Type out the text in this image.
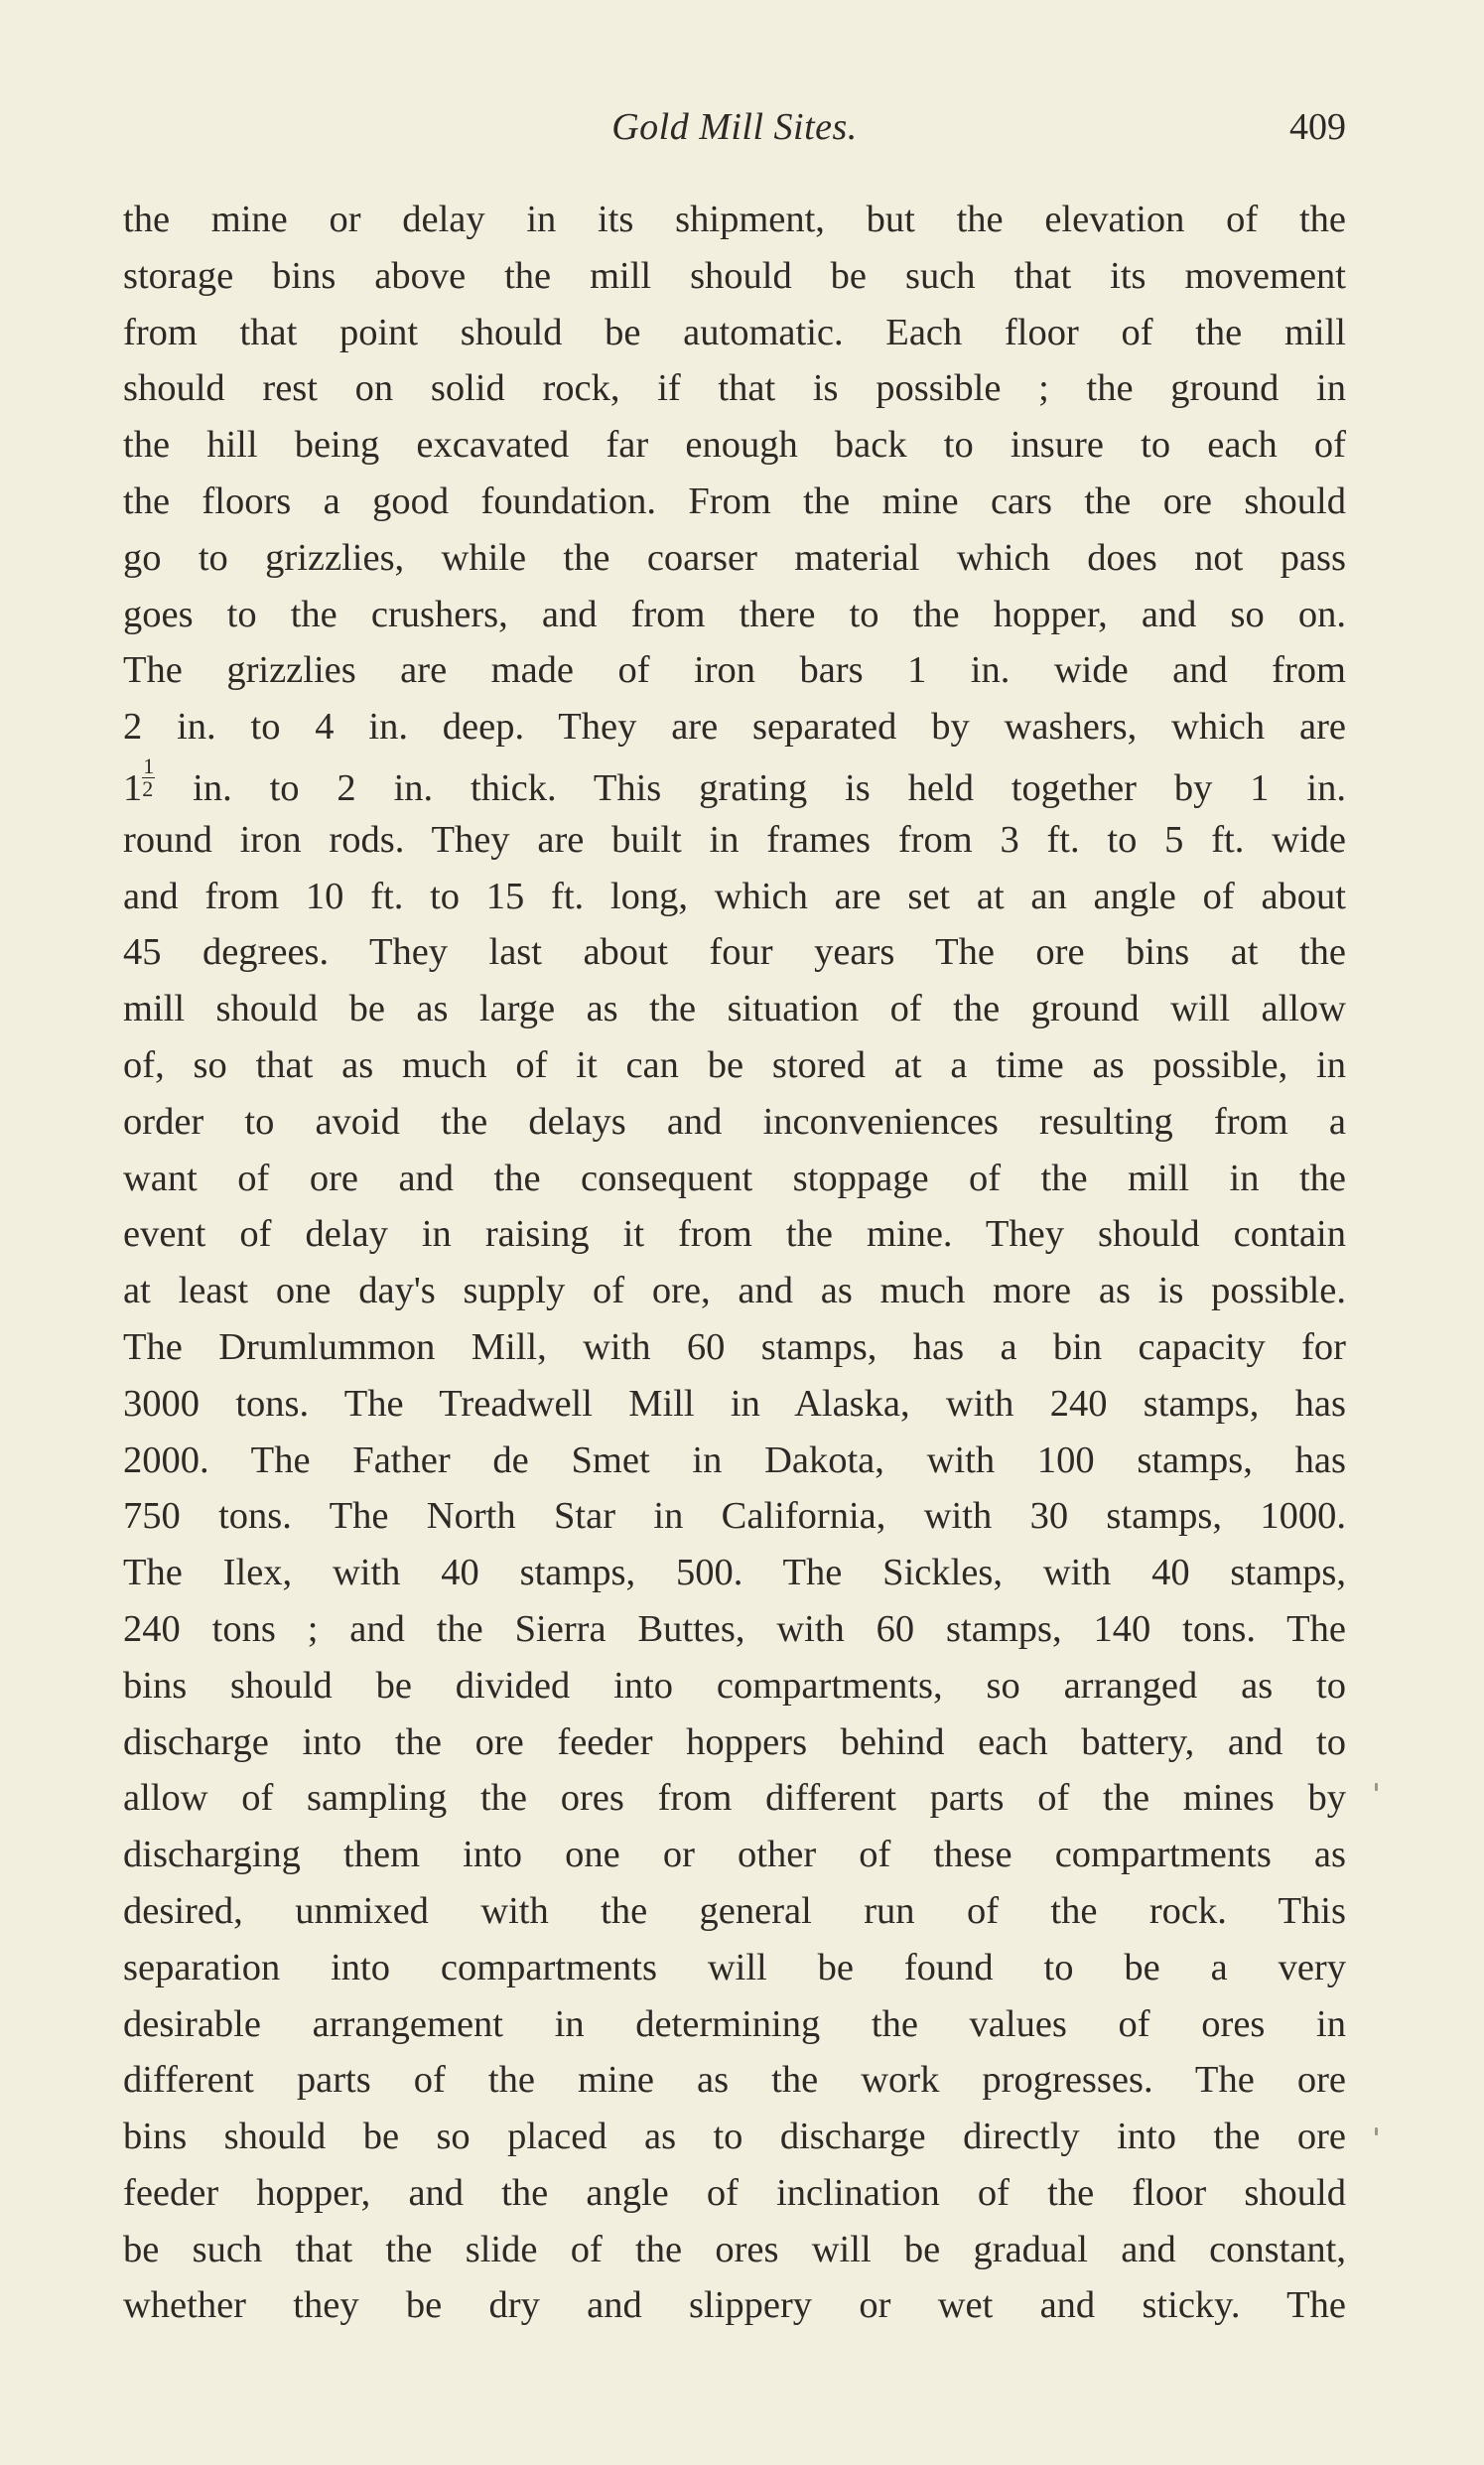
Gold Mill Sites.	409
the mine or delay in its shipment, but the elevation of the
storage bins above the mill should be such that its movement
from that point should be automatic. Each floor of the mill
should rest on solid rock, if that is possible ; the ground in
the hill being excavated far enough back to insure to each of
the floors a good foundation. From the mine cars the ore should
go to grizzlies, while the coarser material which does not pass
goes to the crushers, and from there to the hopper, and so on.
The grizzlies are made of iron bars 1 in. wide and from
2 in. to 4 in. deep. They are separated by washers, which are
$1 \frac{1}{2}$ in. to 2 in. thick. This grating is held together by 1 in.
round iron rods. They are built in frames from 3 ft. to 5 ft. wide
and from 10 ft. to 15 ft. long, which are set at an angle of about
45 degrees. They last about four years The ore bins at the
mill should be as large as the situation of the ground will allow
of, so that as much of it can be stored at a time as possible, in
order to avoid the delays and inconveniences resulting from a
want of ore and the consequent stoppage of the mill in the
event of delay in raising it from the mine. They should contain
at least one day's supply of ore, and as much more as is possible.
The Drumlummon Mill, with 60 stamps, has a bin capacity for
3000 tons. The Treadwell Mill in Alaska, with 240 stamps, has
2000. The Father de Smet in Dakota, with 100 stamps, has
750 tons. The North Star in California, with 30 stamps, 1000.
The Ilex, with 40 stamps, 500. The Sickles, with 40 stamps,
240 tons ; and the Sierra Buttes, with 60 stamps, 140 tons. The
bins should be divided into compartments, so arranged as to
discharge into the ore feeder hoppers behind each battery, and to
allow of sampling the ores from different parts of the mines by
discharging them into one or other of these compartments as
desired, unmixed with the general run of the rock. This
separation into compartments will be found to be a very
desirable arrangement in determining the values of ores in
different parts of the mine as the work progresses. The ore
bins should be so placed as to discharge directly into the ore
feeder hopper, and the angle of inclination of the floor should
be such that the slide of the ores will be gradual and constant,
whether they be dry and slippery or wet and sticky. The
